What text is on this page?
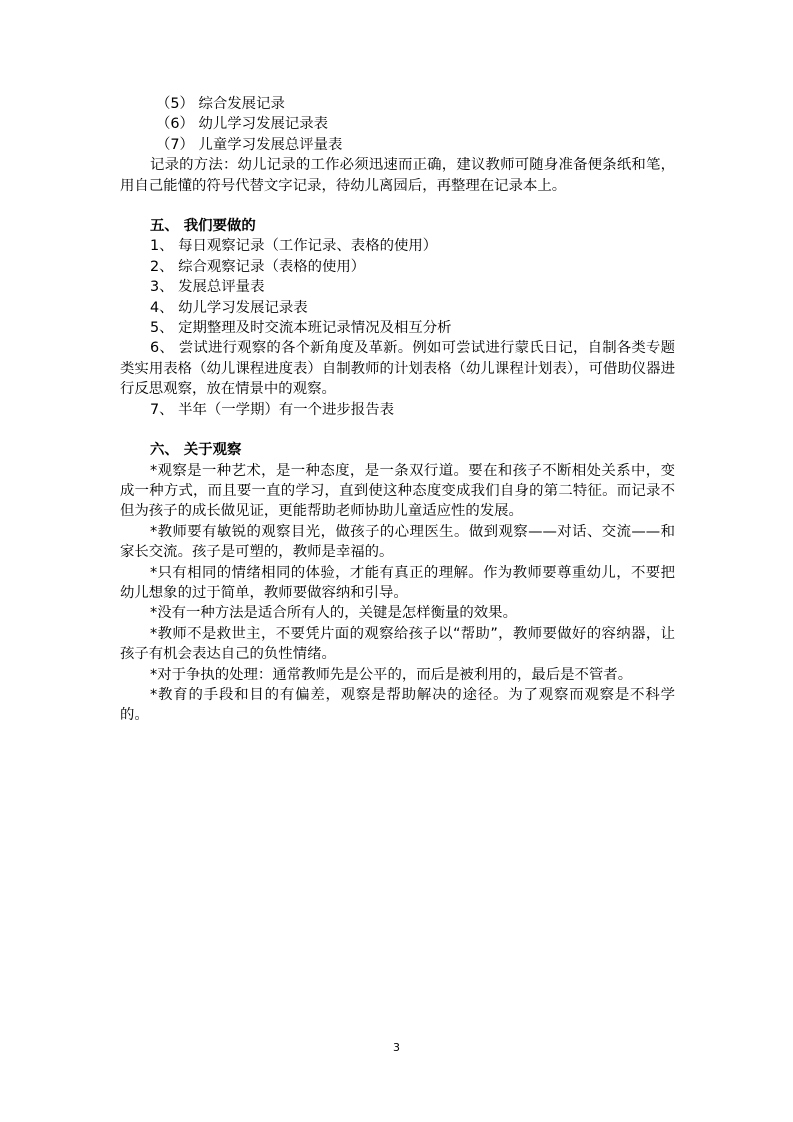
（5） 综合发展记录

（6） 幼儿学习发展记录表

（7） 儿童学习发展总评量表

记录的方法：幼儿记录的工作必须迅速而正确，建议教师可随身准备便条纸和笔，用自己能懂的符号代替文字记录，待幼儿离园后，再整理在记录本上。

五、 我们要做的

1、 每日观察记录（工作记录、表格的使用）

2、 综合观察记录（表格的使用）

3、 发展总评量表

4、 幼儿学习发展记录表

5、 定期整理及时交流本班记录情况及相互分析

6、 尝试进行观察的各个新角度及革新。例如可尝试进行蒙氏日记，自制各类专题类实用表格（幼儿课程进度表）自制教师的计划表格（幼儿课程计划表），可借助仪器进行反思观察，放在情景中的观察。

7、 半年（一学期）有一个进步报告表

六、 关于观察

*观察是一种艺术，是一种态度，是一条双行道。要在和孩子不断相处关系中，变成一种方式，而且要一直的学习，直到使这种态度变成我们自身的第二特征。而记录不但为孩子的成长做见证，更能帮助老师协助儿童适应性的发展。

*教师要有敏锐的观察目光，做孩子的心理医生。做到观察——对话、交流——和家长交流。孩子是可塑的，教师是幸福的。

*只有相同的情绪相同的体验，才能有真正的理解。作为教师要尊重幼儿，不要把幼儿想象的过于简单，教师要做容纳和引导。

*没有一种方法是适合所有人的，关键是怎样衡量的效果。

*教师不是救世主，不要凭片面的观察给孩子以“帮助”，教师要做好的容纳器，让孩子有机会表达自己的负性情绪。

*对于争执的处理：通常教师先是公平的，而后是被利用的，最后是不管者。

*教育的手段和目的有偏差，观察是帮助解决的途径。为了观察而观察是不科学的。

3
